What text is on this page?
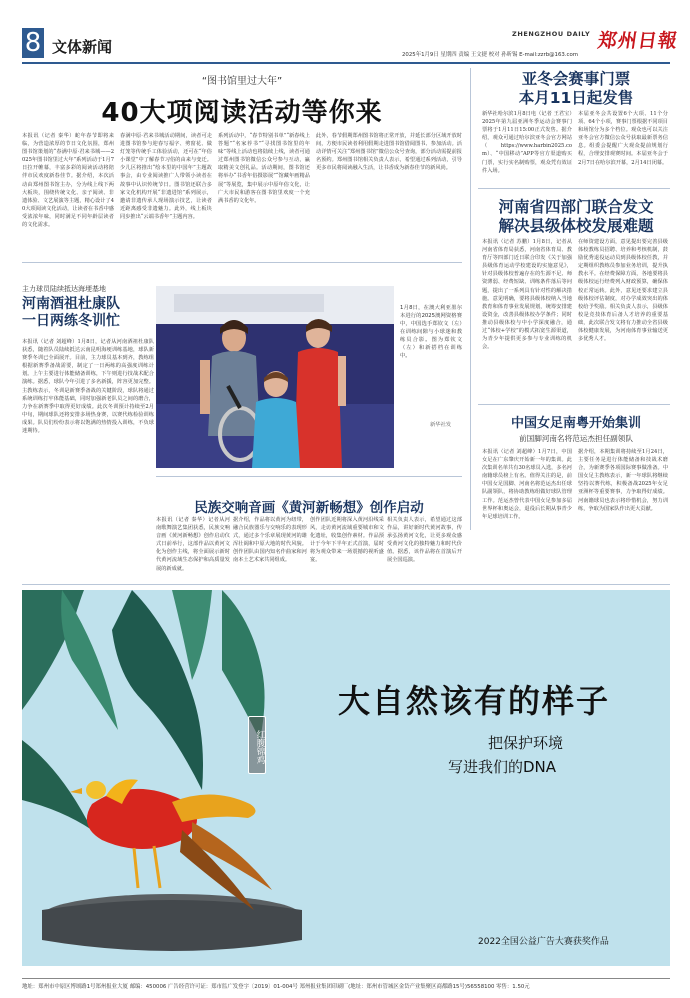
8 文体新闻
ZHENGZHOU DAILY 郑州日報
2025年1月9日 星期四 责编 王文捷 校对 孙昕锡 E-mail:zzrb@163.com
“图书馆里过大年”
40大项阅读活动等你来
本报讯（记者 秦华）蛇年春节即将来临，为营造浓厚的节日文化氛围，郑州图书馆策划的“春满中原·君来书城——2025年图书馆里过大年”系列活动于1月7日拉开帷幕，丰富多彩的阅读活动将陪伴市民欢度新春佳节。据介绍，本次活动由郑州图书馆主办，分为线上线下两大板块，围绕传统文化、亲子阅读、非遗体验、文艺展演等主题，精心设计了40大项阅读文化活动，让读者在书香中感受浓浓年味，同时满足不同年龄层读者的文化需求。
春满中原·君来书城活动期间，读者可走进图书馆参与迎春写福字、剪窗花、做灯笼等传统手工体验活动，还可在“年俗小课堂”中了解春节习俗的由来与变迁。少儿区将推出“绘本里的中国年”主题故事会，由专业阅读推广人带领小读者在故事中认识传统节日。图书馆还联合多家文化机构开展“非遗进馆”系列展示，邀请非遗传承人现场演示技艺，让读者近距离感受非遗魅力。此外，线上板块同步推出“云端书香年”主题内容。
系列活动中，“春节特别书单”“新春线上答题”“名家荐书”“寻找图书馆里的年味”等线上活动也将陆续上线，读者可通过郑州图书馆微信公众号参与互动，赢取精美文创礼品。活动期间，图书馆还将举办“书香年俗摄影展”“馆藏年画精品展”等展览，集中展示中原年俗文化，让广大市民和游客在图书馆里欢度一个充满书香的文化年。
此外，春节假期郑州图书馆将正常开放，并延长部分区域开放时间，方便市民读者利用假期走进图书馆借阅图书、参加活动。活动详情可关注“郑州图书馆”微信公众号查询，部分活动需提前报名预约。郑州图书馆相关负责人表示，希望通过系列活动，引导更多市民将阅读融入生活，让书香成为新春佳节的新风尚。
亚冬会赛事门票
本月11日起发售
新华社哈尔滨1月8日电（记者 王君宝）2025年第九届亚洲冬季运动会赛事门票将于1月11日15:00正式发售。据介绍，观众可通过哈尔滨亚冬会官方网站（https://www.harbin2025.com）、“中国移动”APP等官方渠道购买门票，实行实名制购票，观众凭有效证件入场。
本届亚冬会共设置6个大项、11个分项、64个小项，赛事门票根据不同项目和场馆分为多个档位。观众也可以关注亚冬会官方微信公众号获取最新票务信息。组委会提醒广大观众提前规划行程，合理安排观赛时间。本届亚冬会于2月7日在哈尔滨开幕，2月14日闭幕。
河南省四部门联合发文
解决县级体校发展难题
本报讯（记者 苏鹏）1月8日，记者从河南省体育局获悉，河南省体育局、教育厅等四部门近日联合印发《关于加强县级体育运动学校建设的实施意见》，针对县级体校普遍存在的生源不足、师资薄弱、经费短缺、训练条件落后等问题，提出了一系列具有针对性的解决措施。意见明确，要将县级体校纳入当地教育和体育事业发展规划，统筹安排建设资金，改善县级体校办学条件；同时推动县级体校与中小学深度融合，通过“体校+学校”的模式拓宽生源渠道，为青少年提供更多参与专业训练的机会。
在师资建设方面，意见提出要完善县级体校教练员招聘、培养和考核机制，鼓励优秀退役运动员到县级体校任教，并定期组织教练员参加业务培训，提升执教水平。在经费保障方面，各地要将县级体校运行经费列入财政预算，确保体校正常运转。此外，意见还要求建立县级体校评估制度，对办学成效突出的体校给予奖励。相关负责人表示，县级体校是竞技体育后备人才培养的重要基础，此次联合发文将有力推动全省县级体校健康发展，为河南体育事业输送更多优秀人才。
中国女足南粤开始集训
前国脚河南名将范运杰担任副领队
本报讯（记者 刘超峰）1月7日，中国女足在广东肇庆开始新一年的集训。此次集训名单共有30名球员入选，多名河南籍球员榜上有名。值得关注的是，前中国女足国脚、河南名将范运杰出任球队副领队，将协助教练组做好球队管理工作。范运杰曾代表中国女足参加多届世界杯和奥运会，退役后长期从事青少年足球培训工作。
据介绍，本期集训将持续至1月24日，主要任务是进行体能储备和技战术磨合，为新赛季各项国际赛事做准备。中国女足主教练表示，新一年球队将继续坚持以赛代练，积极备战2025年女足亚洲杯等重要赛事，力争取得好成绩。河南籍球员也表示将珍惜机会，努力训练，争取为国家队作出更大贡献。
主力球员陆续抵达海埂基地
河南酒祖杜康队
一日两练冬训忙
本报讯（记者 刘超峰）1月8日，记者从河南酒祖杜康队获悉，随着队员陆续抵达云南昆明海埂训练基地，球队新赛季冬训已全面展开。目前，主力球员基本到齐，教练组根据新赛季备战需要，制定了一日两练的高强度训练计划。上午主要进行体能储备训练，下午则进行技战术配合演练。据悉，球队今年引进了多名新援，阵容更加完整。主教练表示，冬训是新赛季备战的关键阶段，球队将通过系统训练打牢体能基础，同时加强新老队员之间的磨合，力争在新赛季中取得更好成绩。此次冬训预计持续至2月中旬，期间球队还将安排多场热身赛，以赛代练检验训练成果。队员们纷纷表示将以饱满的热情投入训练，不负球迷期待。
1月8日，在澳大利亚墨尔本进行的2025澳网资格赛中，中国选手郑钦文（左）在训练间隙与小球迷和教练员合影。图为郑钦文（左）和新搭档在训练中。
新华社发
民族交响音画《黄河新畅想》创作启动
本报讯（记者 秦华）记者从河南歌舞演艺集团获悉，民族交响音画《黄河新畅想》创作启动仪式日前举行，这部作品以黄河文化为创作主线，将全面展示新时代黄河流域生态保护和高质量发展的新成就。
据介绍，作品将以黄河为纽带，融合民族器乐与交响乐的表现形式，通过多个乐章展现黄河的雄浑壮阔和中原大地的时代风貌。创作团队由国内知名作曲家和河南本土艺术家共同组成。
创作团队近期将深入黄河沿线采风，走访黄河流域重要城市和文化遗址，收集创作素材。作品预计于今年下半年正式首演，届时将为观众带来一场震撼的视听盛宴。
相关负责人表示，希望通过这部作品，讲好新时代黄河故事，传承弘扬黄河文化，让更多观众感受黄河文化的独特魅力和时代价值。据悉，该作品将在首演后开展全国巡演。
红腹锦鸡
大自然该有的样子
把保护环境
写进我们的DNA
2022全国公益广告大赛获奖作品
地址：郑州市中原区博颂路1号郑州报业大厦 邮编：450006 广告经营许可证：郑市监广发登字〔2019〕01-004号 郑州报业集团印刷厂(地址：郑州市管城区金岱产业集聚区商都路15号)56558100 零售：1.50元
